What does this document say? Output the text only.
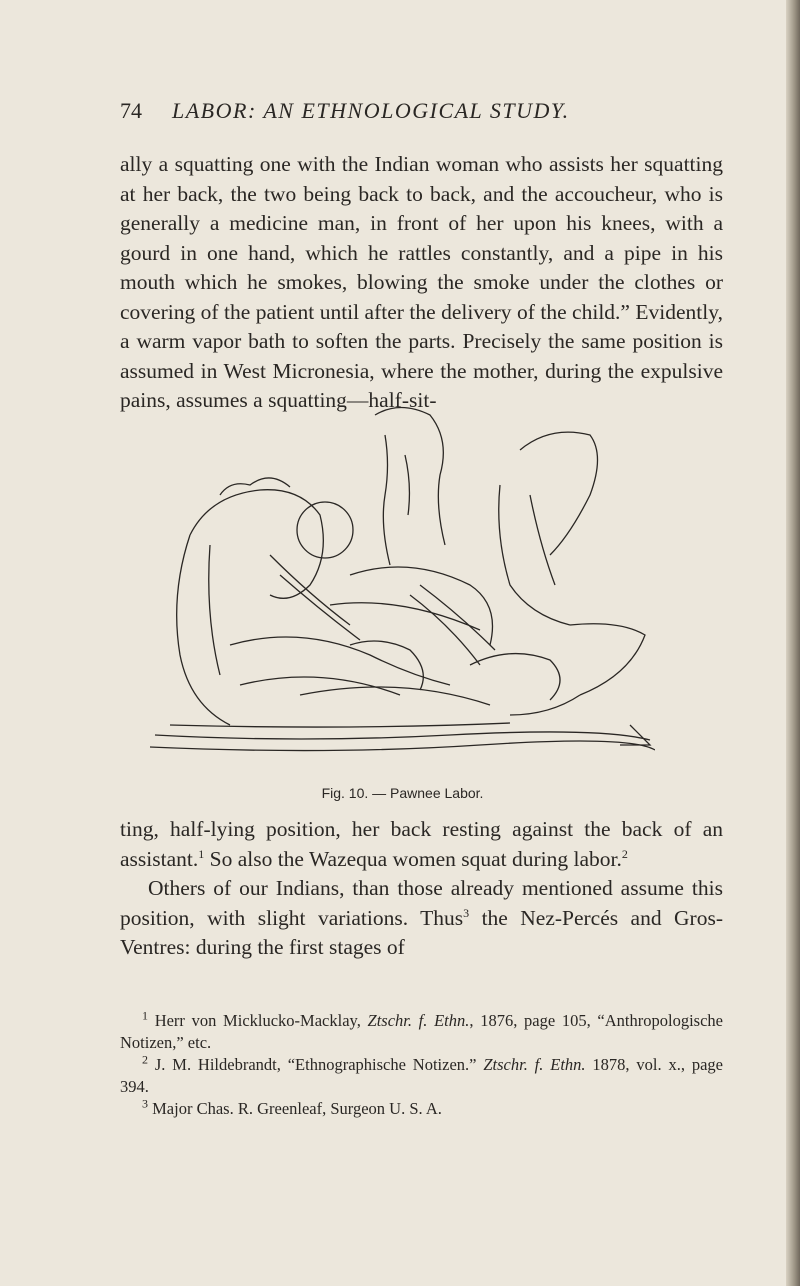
74 LABOR: AN ETHNOLOGICAL STUDY.

ally a squatting one with the Indian woman who assists her squatting at her back, the two being back to back, and the accoucheur, who is generally a medicine man, in front of her upon his knees, with a gourd in one hand, which he rattles constantly, and a pipe in his mouth which he smokes, blowing the smoke under the clothes or covering of the patient until after the delivery of the child.” Evidently, a warm vapor bath to soften the parts. Precisely the same position is assumed in West Micronesia, where the mother, during the expulsive pains, assumes a squatting—half-sit-

Fig. 10. — Pawnee Labor.

ting, half-lying position, her back resting against the back of an assistant.$^1$ So also the Wazequa women squat during labor.$^2$

Others of our Indians, than those already mentioned assume this position, with slight variations. Thus$^3$ the Nez-Percés and Gros-Ventres: during the first stages of

$^1$ Herr von Micklucko-Macklay, Ztschr. f. Ethn., 1876, page 105, “Anthropologische Notizen,” etc.

$^2$ J. M. Hildebrandt, “Ethnographische Notizen.” Ztschr. f. Ethn. 1878, vol. x., page 394.

$^3$ Major Chas. R. Greenleaf, Surgeon U. S. A.
